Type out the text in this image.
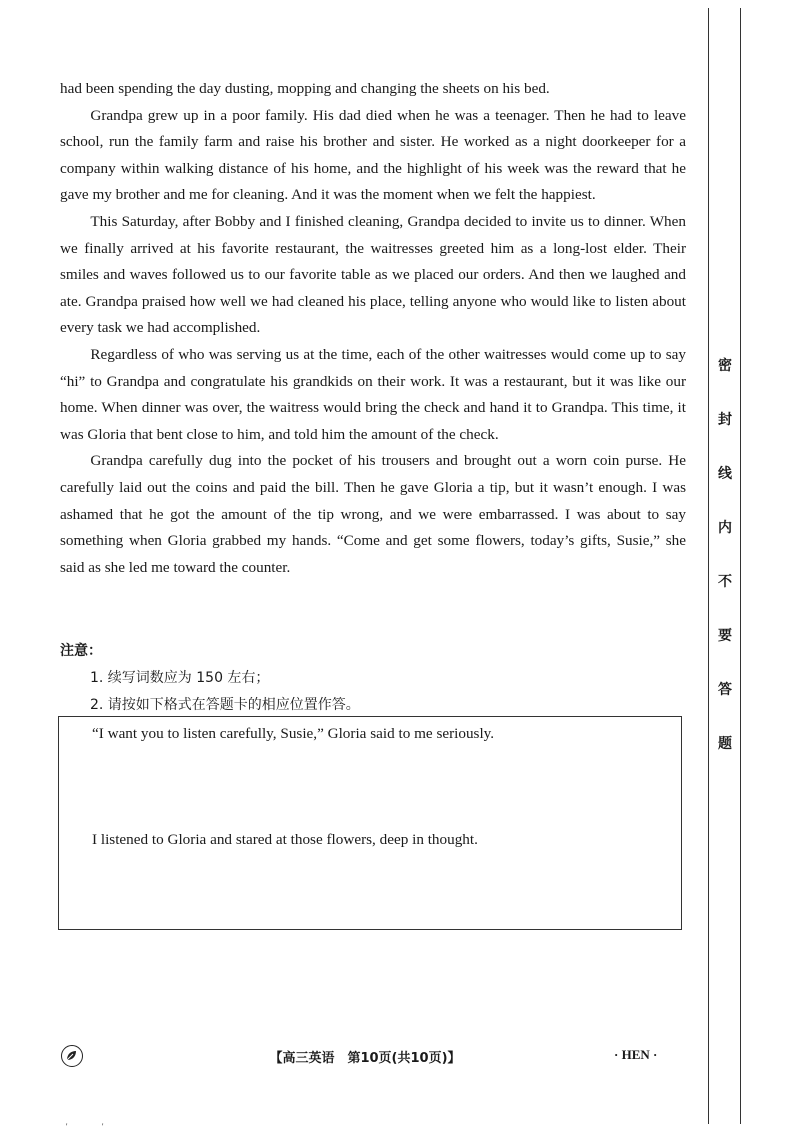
had been spending the day dusting, mopping and changing the sheets on his bed.

Grandpa grew up in a poor family. His dad died when he was a teenager. Then he had to leave school, run the family farm and raise his brother and sister. He worked as a night doorkeeper for a company within walking distance of his home, and the highlight of his week was the reward that he gave my brother and me for cleaning. And it was the moment when we felt the happiest.

This Saturday, after Bobby and I finished cleaning, Grandpa decided to invite us to dinner. When we finally arrived at his favorite restaurant, the waitresses greeted him as a long-lost elder. Their smiles and waves followed us to our favorite table as we placed our orders. And then we laughed and ate. Grandpa praised how well we had cleaned his place, telling anyone who would like to listen about every task we had accomplished.

Regardless of who was serving us at the time, each of the other waitresses would come up to say “hi” to Grandpa and congratulate his grandkids on their work. It was a restaurant, but it was like our home. When dinner was over, the waitress would bring the check and hand it to Grandpa. This time, it was Gloria that bent close to him, and told him the amount of the check.

Grandpa carefully dug into the pocket of his trousers and brought out a worn coin purse. He carefully laid out the coins and paid the bill. Then he gave Gloria a tip, but it wasn’t enough. I was ashamed that he got the amount of the tip wrong, and we were embarrassed. I was about to say something when Gloria grabbed my hands. “Come and get some flowers, today’s gifts, Susie,” she said as she led me toward the counter.

注意：
1. 续写词数应为 150 左右；
2. 请按如下格式在答题卡的相应位置作答。
“I want you to listen carefully, Susie,” Gloria said to me seriously.
I listened to Gloria and stared at those flowers, deep in thought.
【高三英语　第10页(共10页)】	· HEN ·
密
封
线
内
不
要
答
题
'	'
